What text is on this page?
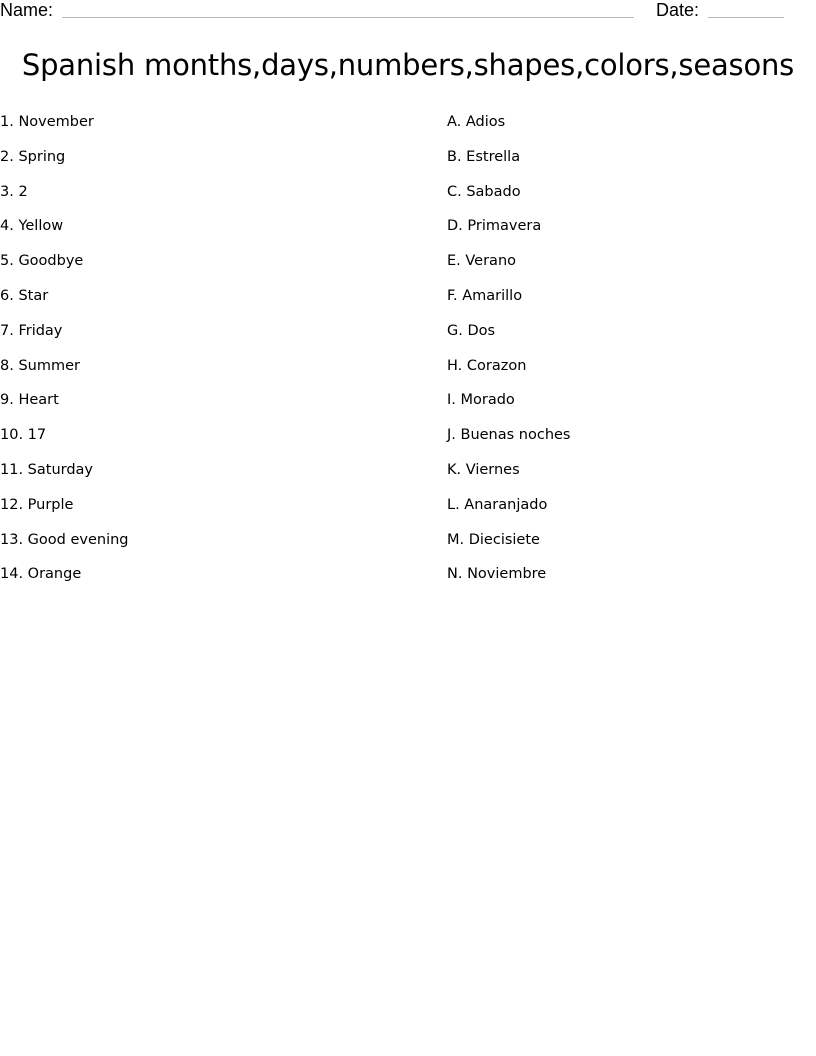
Name:	Date:
Spanish months,days,numbers,shapes,colors,seasons
1. November
2. Spring
3. 2
4. Yellow
5. Goodbye
6. Star
7. Friday
8. Summer
9. Heart
10. 17
11. Saturday
12. Purple
13. Good evening
14. Orange
A. Adios
B. Estrella
C. Sabado
D. Primavera
E. Verano
F. Amarillo
G. Dos
H. Corazon
I. Morado
J. Buenas noches
K. Viernes
L. Anaranjado
M. Diecisiete
N. Noviembre
